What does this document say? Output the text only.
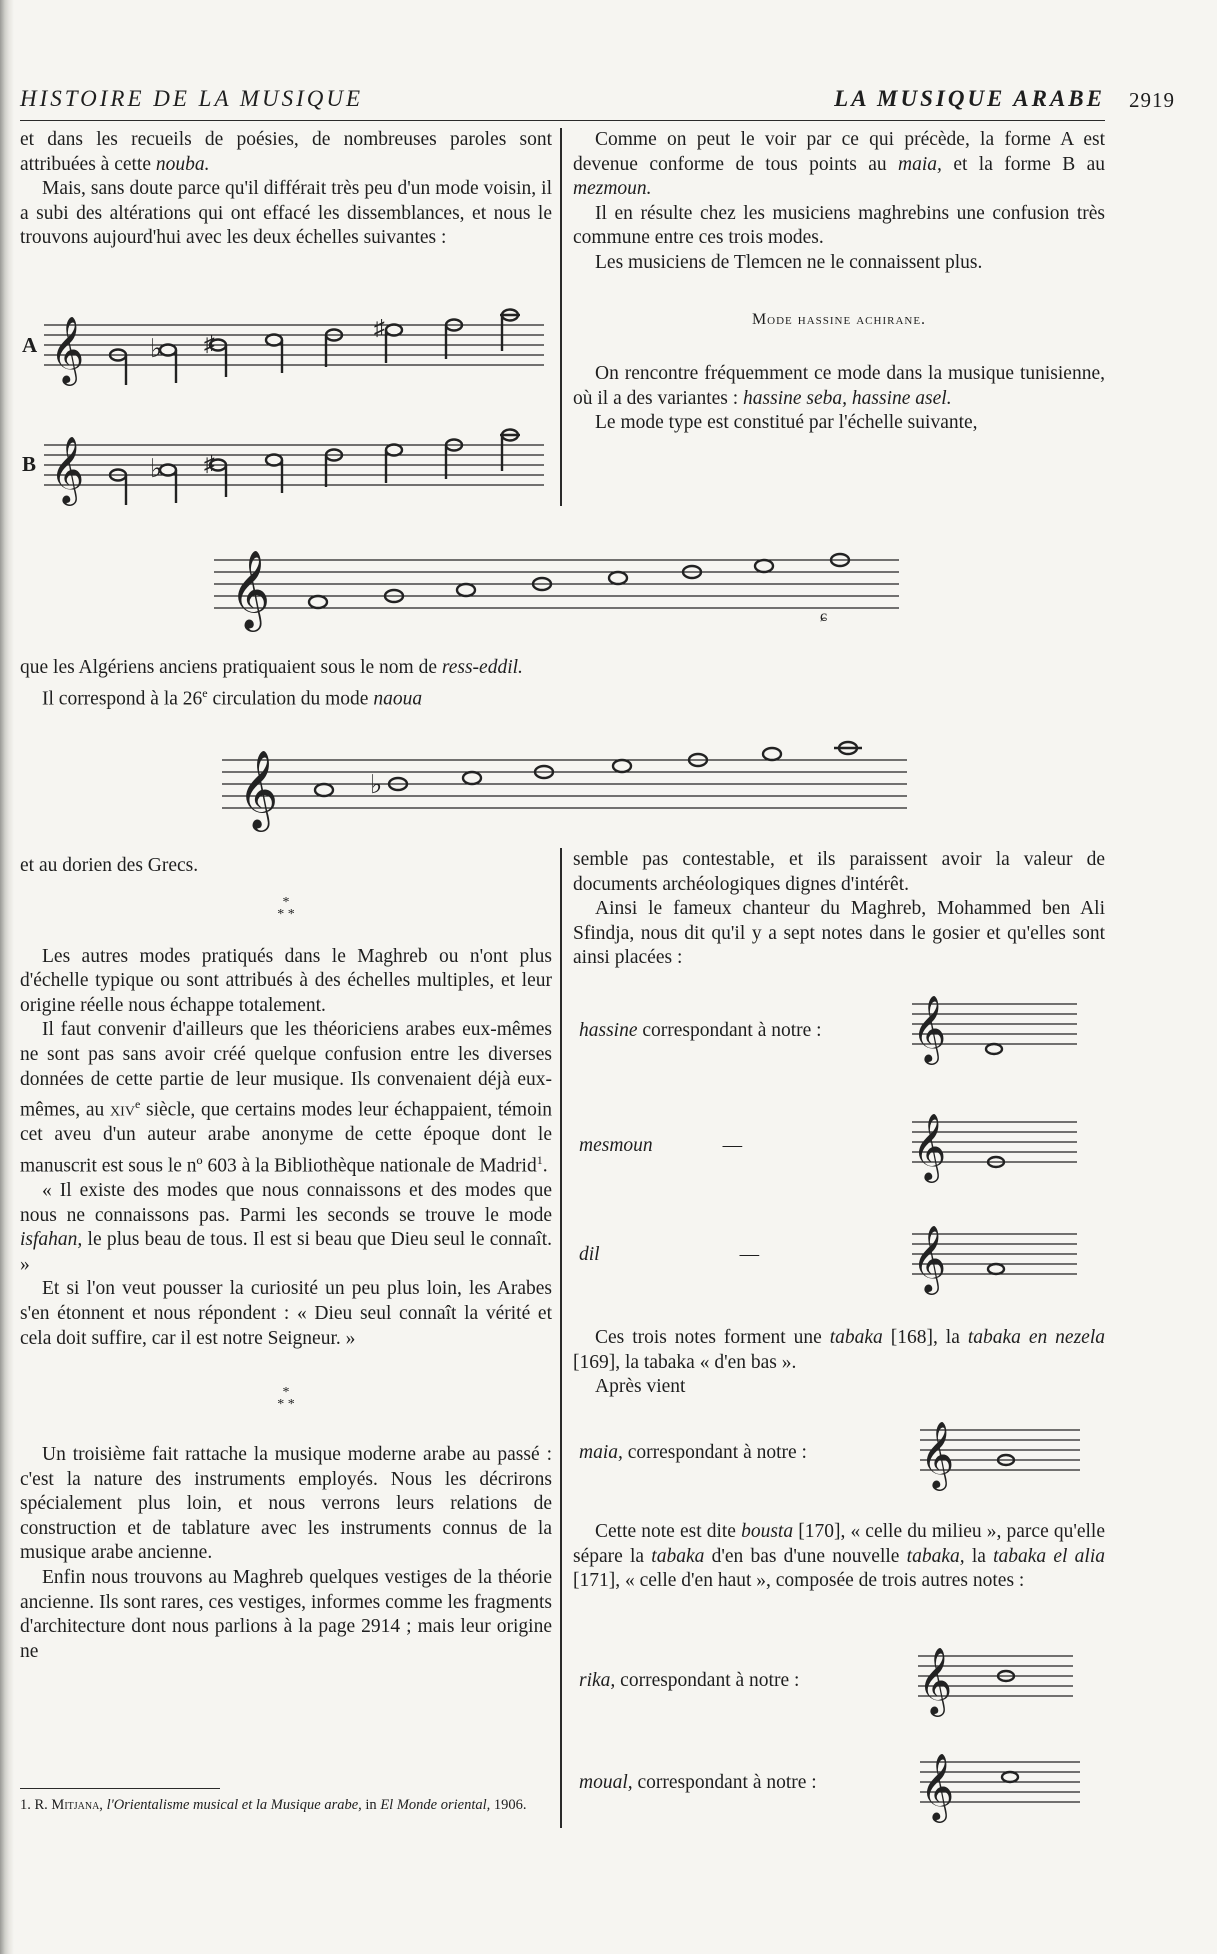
HISTOIRE DE LA MUSIQUE	LA MUSIQUE ARABE 2919

et dans les recueils de poésies, de nombreuses paroles sont attribuées à cette nouba.

Mais, sans doute parce qu'il différait très peu d'un mode voisin, il a subi des altérations qui ont effacé les dissemblances, et nous le trouvons aujourd'hui avec les deux échelles suivantes :

A 𝄞	♭ ♯
♯
B 𝄞	♭ ♯

Comme on peut le voir par ce qui précède, la forme A est devenue conforme de tous points au maia, et la forme B au mezmoun.

Il en résulte chez les musiciens maghrebins une confusion très commune entre ces trois modes.

Les musiciens de Tlemcen ne le connaissent plus.

Mode hassine achirane.

On rencontre fréquemment ce mode dans la musique tunisienne, où il a des variantes : hassine seba, hassine asel.

Le mode type est constitué par l'échelle suivante,

𝄞	ɕ

que les Algériens anciens pratiquaient sous le nom de ress-eddil.

Il correspond à la 26e circulation du mode naoua

𝄞	♭

et au dorien des Grecs.

*
* *

Les autres modes pratiqués dans le Maghreb ou n'ont plus d'échelle typique ou sont attribués à des échelles multiples, et leur origine réelle nous échappe totalement.

Il faut convenir d'ailleurs que les théoriciens arabes eux-mêmes ne sont pas sans avoir créé quelque confusion entre les diverses données de cette partie de leur musique. Ils convenaient déjà eux-mêmes, au xiv$^e$ siècle, que certains modes leur échappaient, témoin cet aveu d'un auteur arabe anonyme de cette époque dont le manuscrit est sous le nº 603 à la Bibliothèque nationale de Madrid$^1$.

« Il existe des modes que nous connaissons et des modes que nous ne connaissons pas. Parmi les seconds se trouve le mode isfahan, le plus beau de tous. Il est si beau que Dieu seul le connaît. »

Et si l'on veut pousser la curiosité un peu plus loin, les Arabes s'en étonnent et nous répondent : « Dieu seul connaît la vérité et cela doit suffire, car il est notre Seigneur. »

*
* *

Un troisième fait rattache la musique moderne arabe au passé : c'est la nature des instruments employés. Nous les décrirons spécialement plus loin, et nous verrons leurs relations de construction et de tablature avec les instruments connus de la musique arabe ancienne.

Enfin nous trouvons au Maghreb quelques vestiges de la théorie ancienne. Ils sont rares, ces vestiges, informes comme les fragments d'architecture dont nous parlions à la page 2914 ; mais leur origine ne

1. R. Mitjana, l'Orientalisme musical et la Musique arabe, in El Monde oriental, 1906.

semble pas contestable, et ils paraissent avoir la valeur de documents archéologiques dignes d'intérêt.

Ainsi le fameux chanteur du Maghreb, Mohammed ben Ali Sfindja, nous dit qu'il y a sept notes dans le gosier et qu'elles sont ainsi placées :

hassine correspondant à notre : 𝄞
mesmoun	—	𝄞
dil	—	𝄞

Ces trois notes forment une tabaka [168], la tabaka en nezela [169], la tabaka « d'en bas ».

Après vient

maia, correspondant à notre : 𝄞

Cette note est dite bousta [170], « celle du milieu », parce qu'elle sépare la tabaka d'en bas d'une nouvelle tabaka, la tabaka el alia [171], « celle d'en haut », composée de trois autres notes :

rika, correspondant à notre : 𝄞
moual, correspondant à notre : 𝄞
